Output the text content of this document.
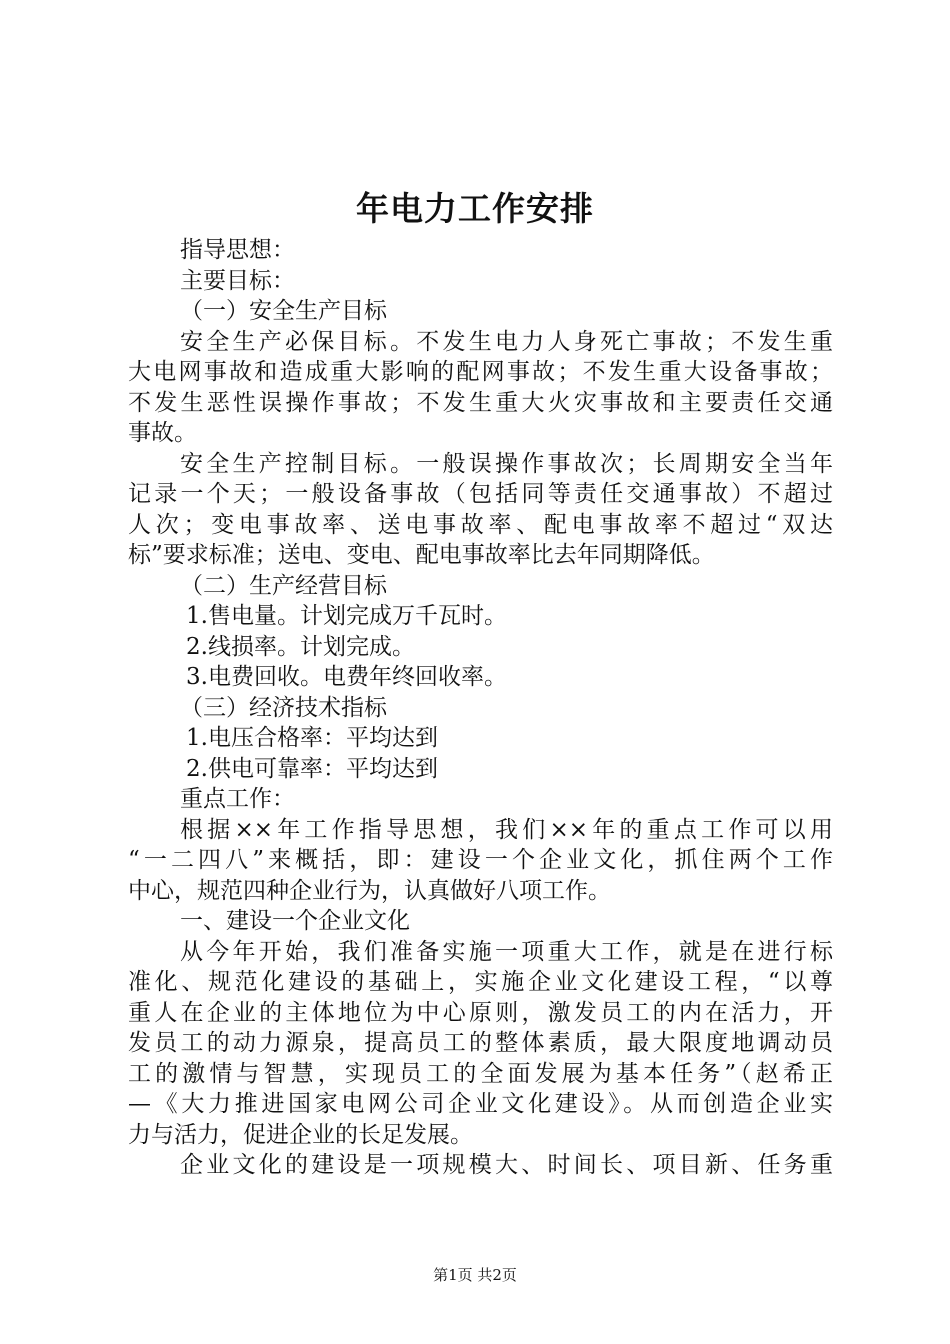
年电力工作安排
指导思想：
主要目标：
（一）安全生产目标
安全生产必保目标。不发生电力人身死亡事故；不发生重
大电网事故和造成重大影响的配网事故；不发生重大设备事故；
不发生恶性误操作事故；不发生重大火灾事故和主要责任交通
事故。
安全生产控制目标。一般误操作事故次；长周期安全当年
记录一个天；一般设备事故（包括同等责任交通事故）不超过
人次；变电事故率、送电事故率、配电事故率不超过“双达
标”要求标准；送电、变电、配电事故率比去年同期降低。
（二）生产经营目标
1.售电量。计划完成万千瓦时。
2.线损率。计划完成。
3.电费回收。电费年终回收率。
（三）经济技术指标
1.电压合格率：平均达到
2.供电可靠率：平均达到
重点工作：
根据××年工作指导思想，我们××年的重点工作可以用
“一二四八”来概括，即：建设一个企业文化，抓住两个工作
中心，规范四种企业行为，认真做好八项工作。
一、建设一个企业文化
从今年开始，我们准备实施一项重大工作，就是在进行标
准化、规范化建设的基础上，实施企业文化建设工程，“以尊
重人在企业的主体地位为中心原则，激发员工的内在活力，开
发员工的动力源泉，提高员工的整体素质，最大限度地调动员
工的激情与智慧，实现员工的全面发展为基本任务”（赵希正
—《大力推进国家电网公司企业文化建设》。从而创造企业实
力与活力，促进企业的长足发展。
企业文化的建设是一项规模大、时间长、项目新、任务重
第1页 共2页
